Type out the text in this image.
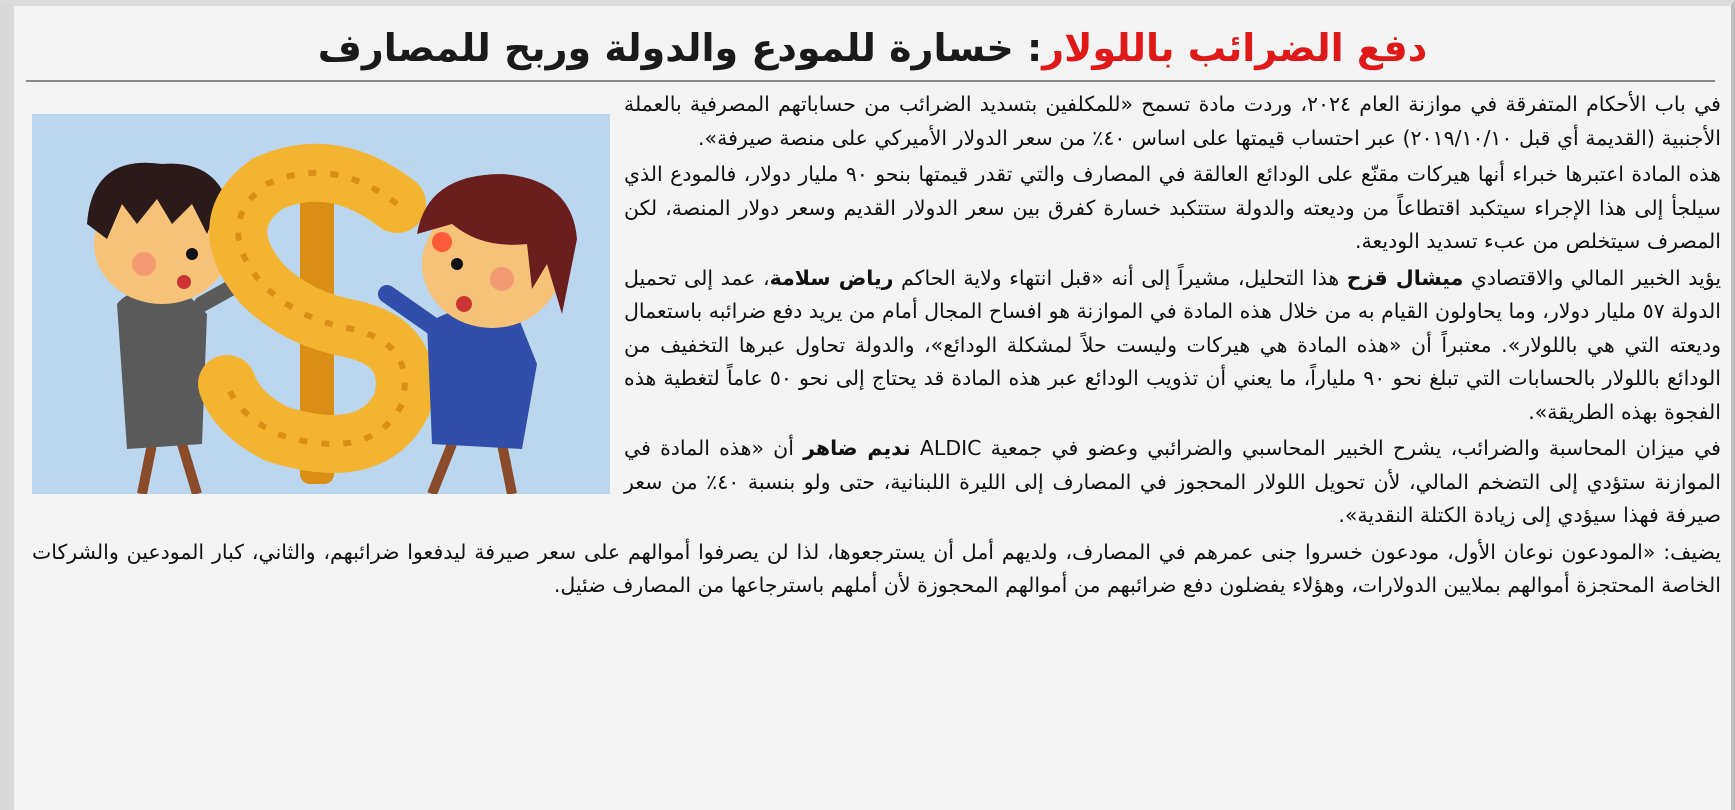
دفع الضرائب باللولار: خسارة للمودع والدولة وربح للمصارف

في باب الأحكام المتفرقة في موازنة العام ٢٠٢٤، وردت مادة تسمح «للمكلفين بتسديد الضرائب من حساباتهم المصرفية بالعملة الأجنبية (القديمة أي قبل ٢٠١٩/١٠/١٠) عبر احتساب قيمتها على اساس ٤٠٪ من سعر الدولار الأميركي على منصة صيرفة».

هذه المادة اعتبرها خبراء أنها هيركات مقنّع على الودائع العالقة في المصارف والتي تقدر قيمتها بنحو ٩٠ مليار دولار، فالمودع الذي سيلجأ إلى هذا الإجراء سيتكبد اقتطاعاً من وديعته والدولة ستتكبد خسارة كفرق بين سعر الدولار القديم وسعر دولار المنصة، لكن المصرف سيتخلص من عبء تسديد الوديعة.

يؤيد الخبير المالي والاقتصادي ميشال قزح هذا التحليل، مشيراً إلى أنه «قبل انتهاء ولاية الحاكم رياض سلامة، عمد إلى تحميل الدولة ٥٧ مليار دولار، وما يحاولون القيام به من خلال هذه المادة في الموازنة هو افساح المجال أمام من يريد دفع ضرائبه باستعمال وديعته التي هي باللولار». معتبراً أن «هذه المادة هي هيركات وليست حلاً لمشكلة الودائع»، والدولة تحاول عبرها التخفيف من الودائع باللولار بالحسابات التي تبلغ نحو ٩٠ ملياراً، ما يعني أن تذويب الودائع عبر هذه المادة قد يحتاج إلى نحو ٥٠ عاماً لتغطية هذه الفجوة بهذه الطريقة».

في ميزان المحاسبة والضرائب، يشرح الخبير المحاسبي والضرائبي وعضو في جمعية ALDIC نديم ضاهر أن «هذه المادة في الموازنة ستؤدي إلى التضخم المالي، لأن تحويل اللولار المحجوز في المصارف إلى الليرة اللبنانية، حتى ولو بنسبة ٤٠٪ من سعر صيرفة فهذا سيؤدي إلى زيادة الكتلة النقدية».

يضيف: «المودعون نوعان الأول، مودعون خسروا جنى عمرهم في المصارف، ولديهم أمل أن يسترجعوها، لذا لن يصرفوا أموالهم على سعر صيرفة ليدفعوا ضرائبهم، والثاني، كبار المودعين والشركات الخاصة المحتجزة أموالهم بملايين الدولارات، وهؤلاء يفضلون دفع ضرائبهم من أموالهم المحجوزة لأن أملهم باسترجاعها من المصارف ضئيل.
